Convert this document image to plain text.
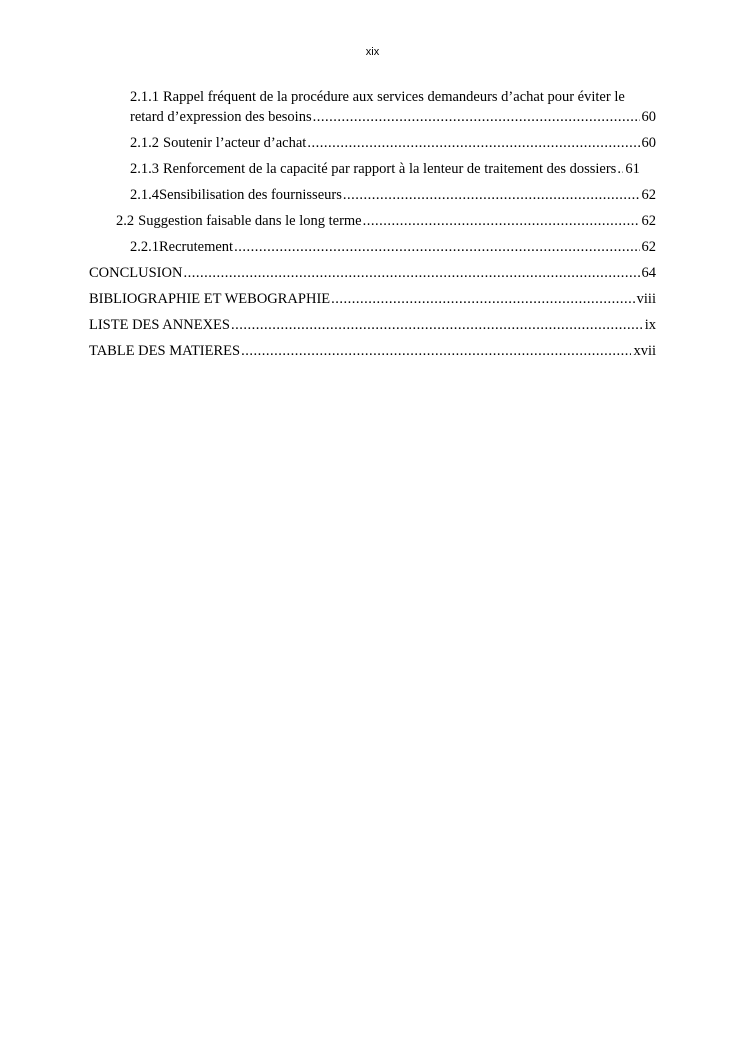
xix
2.1.1 Rappel fréquent de la procédure aux services demandeurs d’achat pour éviter le
retard d’expression des besoins .....	60
2.1.2 Soutenir l’acteur d’achat .....	60
2.1.3 Renforcement de la capacité par rapport à la lenteur de traitement des dossiers ..... 61
2.1.4 Sensibilisation des fournisseurs .....	62
2.2 Suggestion faisable dans le long terme .....	62
2.2.1 Recrutement .....	62
CONCLUSION .....	64
BIBLIOGRAPHIE ET WEBOGRAPHIE .....	viii
LISTE DES ANNEXES .....	ix
TABLE DES MATIERES .....	xvii
